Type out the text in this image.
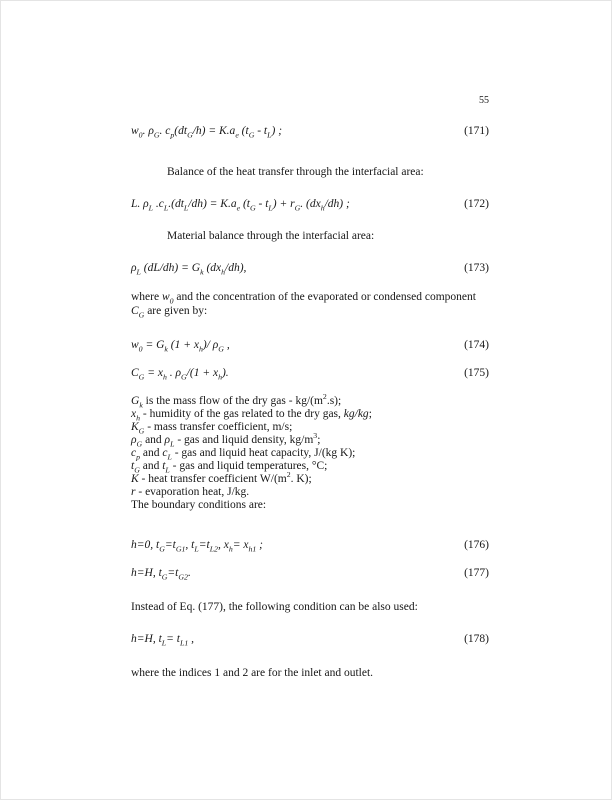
55
$w_0$. $\rho_G$. $c_p(dt_G/h) = K.a_e$ $(t_G - t_L)$ ;	(171)
Balance of the heat transfer through the interfacial area:
L. $\rho_L$ $.c_L.(dt_L/dh) = K.a_e$ $(t_G - t_L) + r_G$. $(dx_h/dh)$ ;	(172)
Material balance through the interfacial area:
$\rho_L$ $(dL/dh) = G_k$ $(dx_h/dh)$,	(173)
where $w_0$ and the concentration of the evaporated or condensed component $C_G$ are given by:
$w_0 = G_k$ $(1 + x_h)/$ $\rho_G$ ,	(174)
$C_G = x_h$ . $\rho_G/(1 + x_h)$.	(175)
$G_k$ is the mass flow of the dry gas - $kg/(m^2.s)$;
$x_h$ - humidity of the gas related to the dry gas, kg/kg;
$K_G$ - mass transfer coefficient, m/s;
$\rho_G$ and $\rho_L$ - gas and liquid density, $kg/m^3$;
$c_p$ and $c_L$ - gas and liquid heat capacity, J/(kg K);
$t_G$ and $t_L$ - gas and liquid temperatures, °C;
K - heat transfer coefficient $W/(m^2$. K);
r - evaporation heat, J/kg.
The boundary conditions are:
h=0, $t_G=t_{G1}$, $t_L=t_{L2}$, $x_h= x_{h1}$ ;	(176)
h=H, $t_G=t_{G2}$.	(177)
Instead of Eq. (177), the following condition can be also used:
h=H, $t_L= t_{L1}$ ,	(178)
where the indices 1 and 2 are for the inlet and outlet.
